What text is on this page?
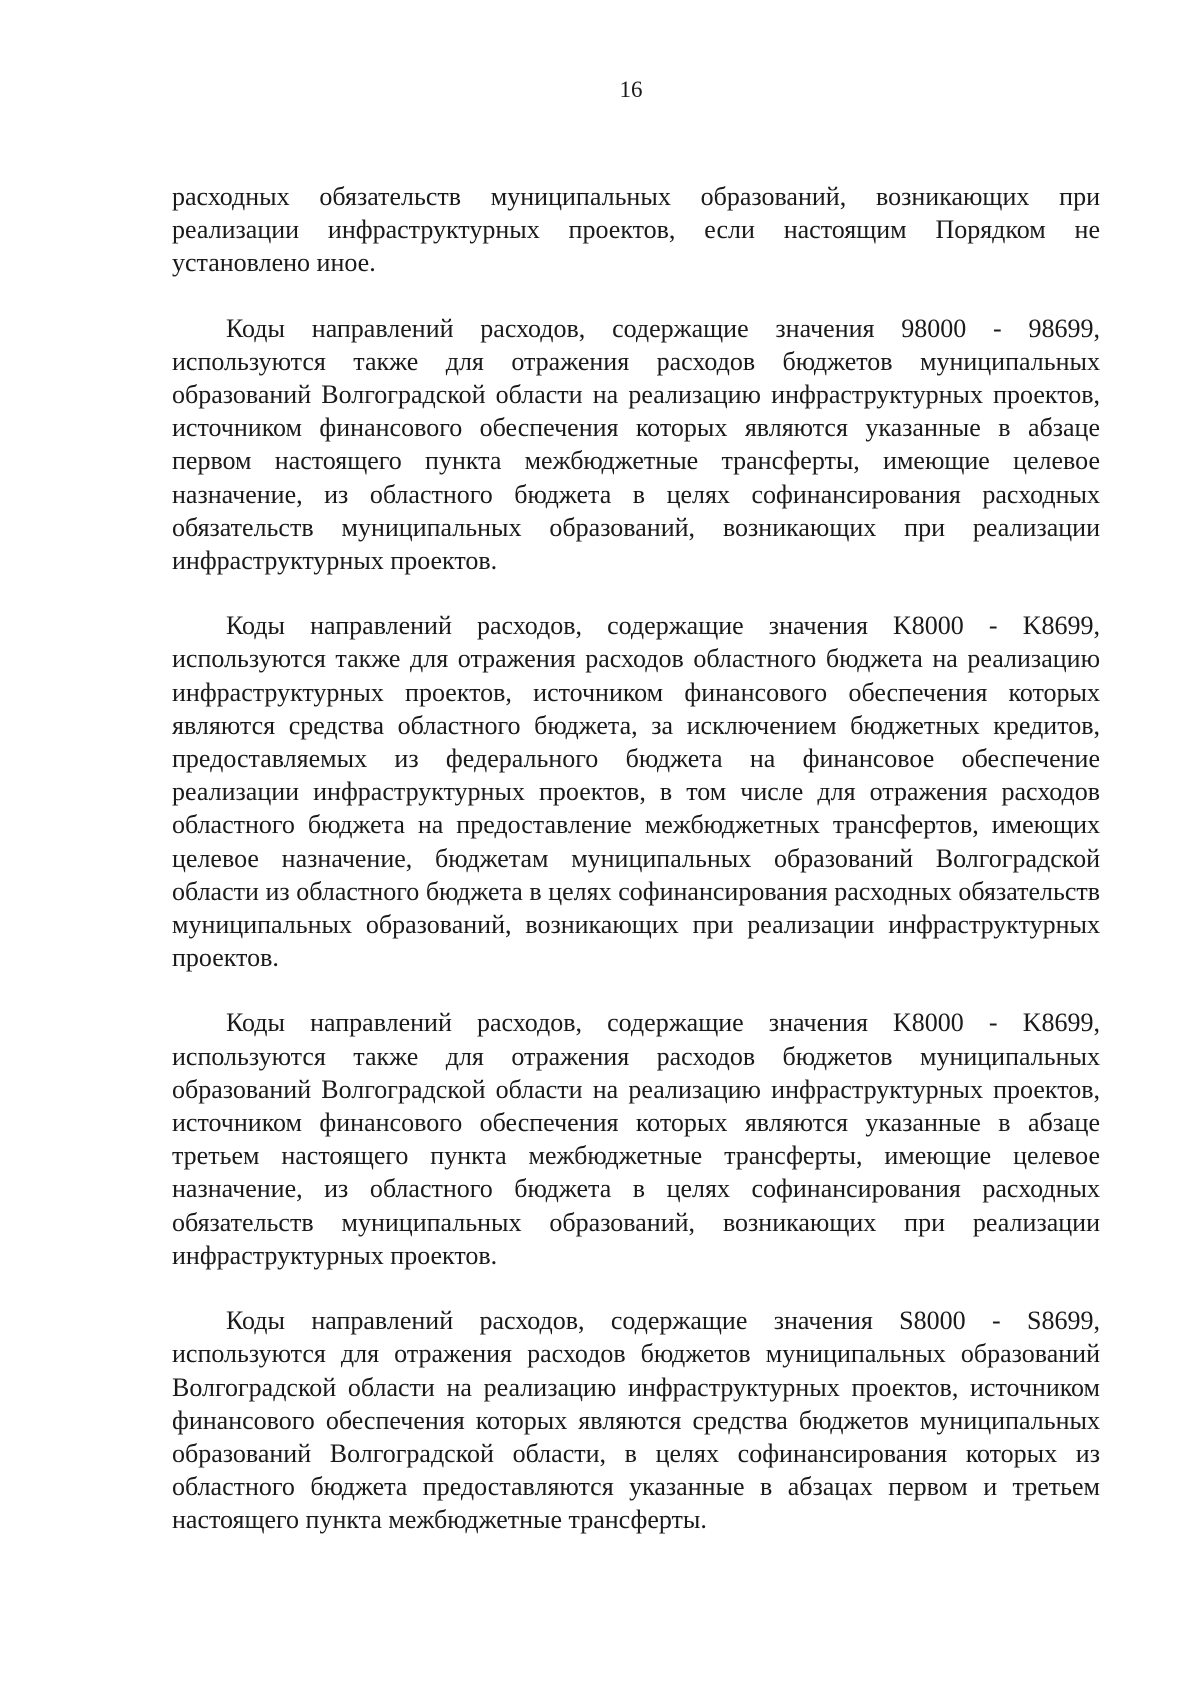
16

расходных обязательств муниципальных образований, возникающих при реализации инфраструктурных проектов, если настоящим Порядком не установлено иное.

Коды направлений расходов, содержащие значения 98000 - 98699, используются также для отражения расходов бюджетов муниципальных образований Волгоградской области на реализацию инфраструктурных проектов, источником финансового обеспечения которых являются указанные в абзаце первом настоящего пункта межбюджетные трансферты, имеющие целевое назначение, из областного бюджета в целях софинансирования расходных обязательств муниципальных образований, возникающих при реализации инфраструктурных проектов.

Коды направлений расходов, содержащие значения K8000 - K8699, используются также для отражения расходов областного бюджета на реализацию инфраструктурных проектов, источником финансового обеспечения которых являются средства областного бюджета, за исключением бюджетных кредитов, предоставляемых из федерального бюджета на финансовое обеспечение реализации инфраструктурных проектов, в том числе для отражения расходов областного бюджета на предоставление межбюджетных трансфертов, имеющих целевое назначение, бюджетам муниципальных образований Волгоградской области из областного бюджета в целях софинансирования расходных обязательств муниципальных образований, возникающих при реализации инфраструктурных проектов.

Коды направлений расходов, содержащие значения K8000 - K8699, используются также для отражения расходов бюджетов муниципальных образований Волгоградской области на реализацию инфраструктурных проектов, источником финансового обеспечения которых являются указанные в абзаце третьем настоящего пункта межбюджетные трансферты, имеющие целевое назначение, из областного бюджета в целях софинансирования расходных обязательств муниципальных образований, возникающих при реализации инфраструктурных проектов.

Коды направлений расходов, содержащие значения S8000 - S8699, используются для отражения расходов бюджетов муниципальных образований Волгоградской области на реализацию инфраструктурных проектов, источником финансового обеспечения которых являются средства бюджетов муниципальных образований Волгоградской области, в целях софинансирования которых из областного бюджета предоставляются указанные в абзацах первом и третьем настоящего пункта межбюджетные трансферты.
